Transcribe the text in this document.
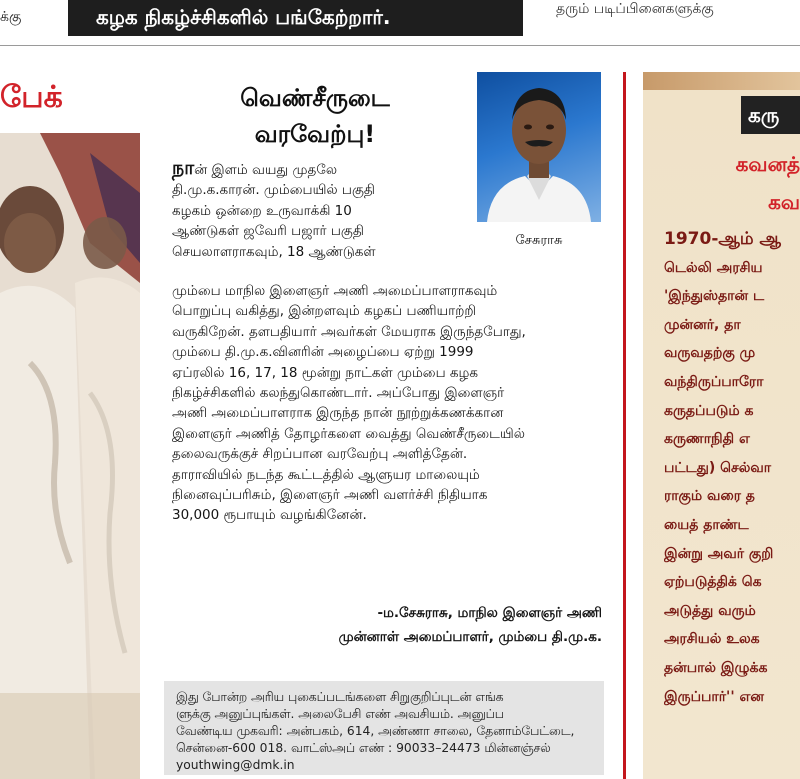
க்கு	கழக நிகழ்ச்சிகளில் பங்கேற்றார்.	தரும் படிப்பினைகளுக்கு
பேக்	வெண்சீருடை
வரவேற்பு!
சேசுராசு
நான் இளம் வயது முதலே
தி.மு.க.காரன். மும்பையில் பகுதி
கழகம் ஒன்றை உருவாக்கி 10
ஆண்டுகள் ஜவேரி பஜார் பகுதி
செயலாளராகவும், 18 ஆண்டுகள்

மும்பை மாநில இளைஞர் அணி அமைப்பாளராகவும்

பொறுப்பு வகித்து, இன்றளவும் கழகப் பணியாற்றி

வருகிறேன். தளபதியார் அவர்கள் மேயராக இருந்தபோது,

மும்பை தி.மு.க.வினரின் அழைப்பை ஏற்று 1999

ஏப்ரலில் 16, 17, 18 மூன்று நாட்கள் மும்பை கழக

நிகழ்ச்சிகளில் கலந்துகொண்டார். அப்போது இளைஞர்

அணி அமைப்பாளராக இருந்த நான் நூற்றுக்கணக்கான

இளைஞர் அணித் தோழர்களை வைத்து வெண்சீருடையில்

தலைவருக்குச் சிறப்பான வரவேற்பு அளித்தேன்.

தாராவியில் நடந்த கூட்டத்தில் ஆளுயர மாலையும்

நினைவுப்பரிசும், இளைஞர் அணி வளர்ச்சி நிதியாக

30,000 ரூபாயும் வழங்கினேன்.

-ம.சேசுராசு, மாநில இளைஞர் அணி
முன்னாள் அமைப்பாளர், மும்பை தி.மு.க.

இது போன்ற அரிய புகைப்படங்களை சிறுகுறிப்புடன் எங்க

ளுக்கு அனுப்புங்கள். அலைபேசி எண் அவசியம். அனுப்ப

வேண்டிய முகவரி: அன்பகம், 614, அண்ணா சாலை, தேனாம்பேட்டை,

சென்னை-600 018. வாட்ஸ்அப் எண் : 90033–24473 மின்னஞ்சல்

youthwing@dmk.in

கரு
கவனத்
கவ
1970-ஆம் ஆ
டெல்லி அரசிய
'இந்துஸ்தான் ட
முன்னர், தா
வருவதற்கு மு
வந்திருப்பாரோ
கருதப்படும் க
கருணாநிதி எ
பட்டது) செல்வா
ராகும் வரை த
யைத் தாண்ட
இன்று அவர் குறி
ஏற்படுத்திக் கெ
அடுத்து வரும்
அரசியல் உலக
தன்பால் இழுக்க
இருப்பார்'' என
